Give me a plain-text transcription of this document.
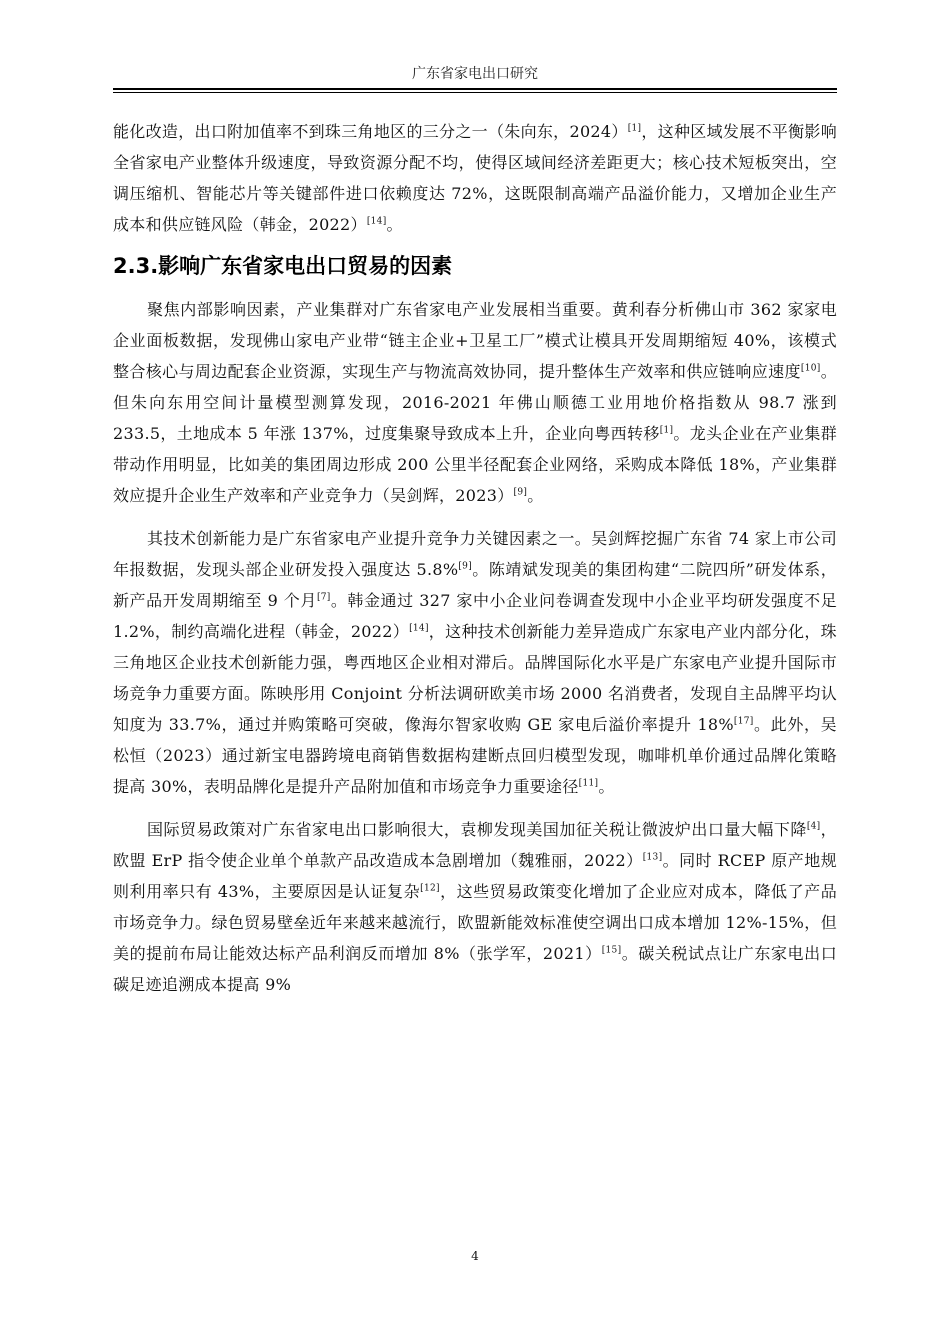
广东省家电出口研究

能化改造，出口附加值率不到珠三角地区的三分之一（朱向东，2024）[1]，这种区域发展不平衡影响全省家电产业整体升级速度，导致资源分配不均，使得区域间经济差距更大；核心技术短板突出，空调压缩机、智能芯片等关键部件进口依赖度达 72%，这既限制高端产品溢价能力，又增加企业生产成本和供应链风险（韩金，2022）[14]。

2.3.影响广东省家电出口贸易的因素

聚焦内部影响因素，产业集群对广东省家电产业发展相当重要。黄利春分析佛山市 362 家家电企业面板数据，发现佛山家电产业带“链主企业+卫星工厂”模式让模具开发周期缩短 40%，该模式整合核心与周边配套企业资源，实现生产与物流高效协同，提升整体生产效率和供应链响应速度[10]。但朱向东用空间计量模型测算发现，2016-2021 年佛山顺德工业用地价格指数从 98.7 涨到 233.5，土地成本 5 年涨 137%，过度集聚导致成本上升，企业向粤西转移[1]。龙头企业在产业集群带动作用明显，比如美的集团周边形成 200 公里半径配套企业网络，采购成本降低 18%，产业集群效应提升企业生产效率和产业竞争力（吴剑辉，2023）[9]。

其技术创新能力是广东省家电产业提升竞争力关键因素之一。吴剑辉挖掘广东省 74 家上市公司年报数据，发现头部企业研发投入强度达 5.8%[9]。陈靖斌发现美的集团构建“二院四所”研发体系，新产品开发周期缩至 9 个月[7]。韩金通过 327 家中小企业问卷调查发现中小企业平均研发强度不足 1.2%，制约高端化进程（韩金，2022）[14]，这种技术创新能力差异造成广东家电产业内部分化，珠三角地区企业技术创新能力强，粤西地区企业相对滞后。品牌国际化水平是广东家电产业提升国际市场竞争力重要方面。陈映彤用 Conjoint 分析法调研欧美市场 2000 名消费者，发现自主品牌平均认知度为 33.7%，通过并购策略可突破，像海尔智家收购 GE 家电后溢价率提升 18%[17]。此外，吴松恒（2023）通过新宝电器跨境电商销售数据构建断点回归模型发现，咖啡机单价通过品牌化策略提高 30%，表明品牌化是提升产品附加值和市场竞争力重要途径[11]。

国际贸易政策对广东省家电出口影响很大，袁柳发现美国加征关税让微波炉出口量大幅下降[4]，欧盟 ErP 指令使企业单个单款产品改造成本急剧增加（魏雅丽，2022）[13]。同时 RCEP 原产地规则利用率只有 43%，主要原因是认证复杂[12]，这些贸易政策变化增加了企业应对成本，降低了产品市场竞争力。绿色贸易壁垒近年来越来越流行，欧盟新能效标准使空调出口成本增加 12%-15%，但美的提前布局让能效达标产品利润反而增加 8%（张学军，2021）[15]。碳关税试点让广东家电出口碳足迹追溯成本提高 9%

4
